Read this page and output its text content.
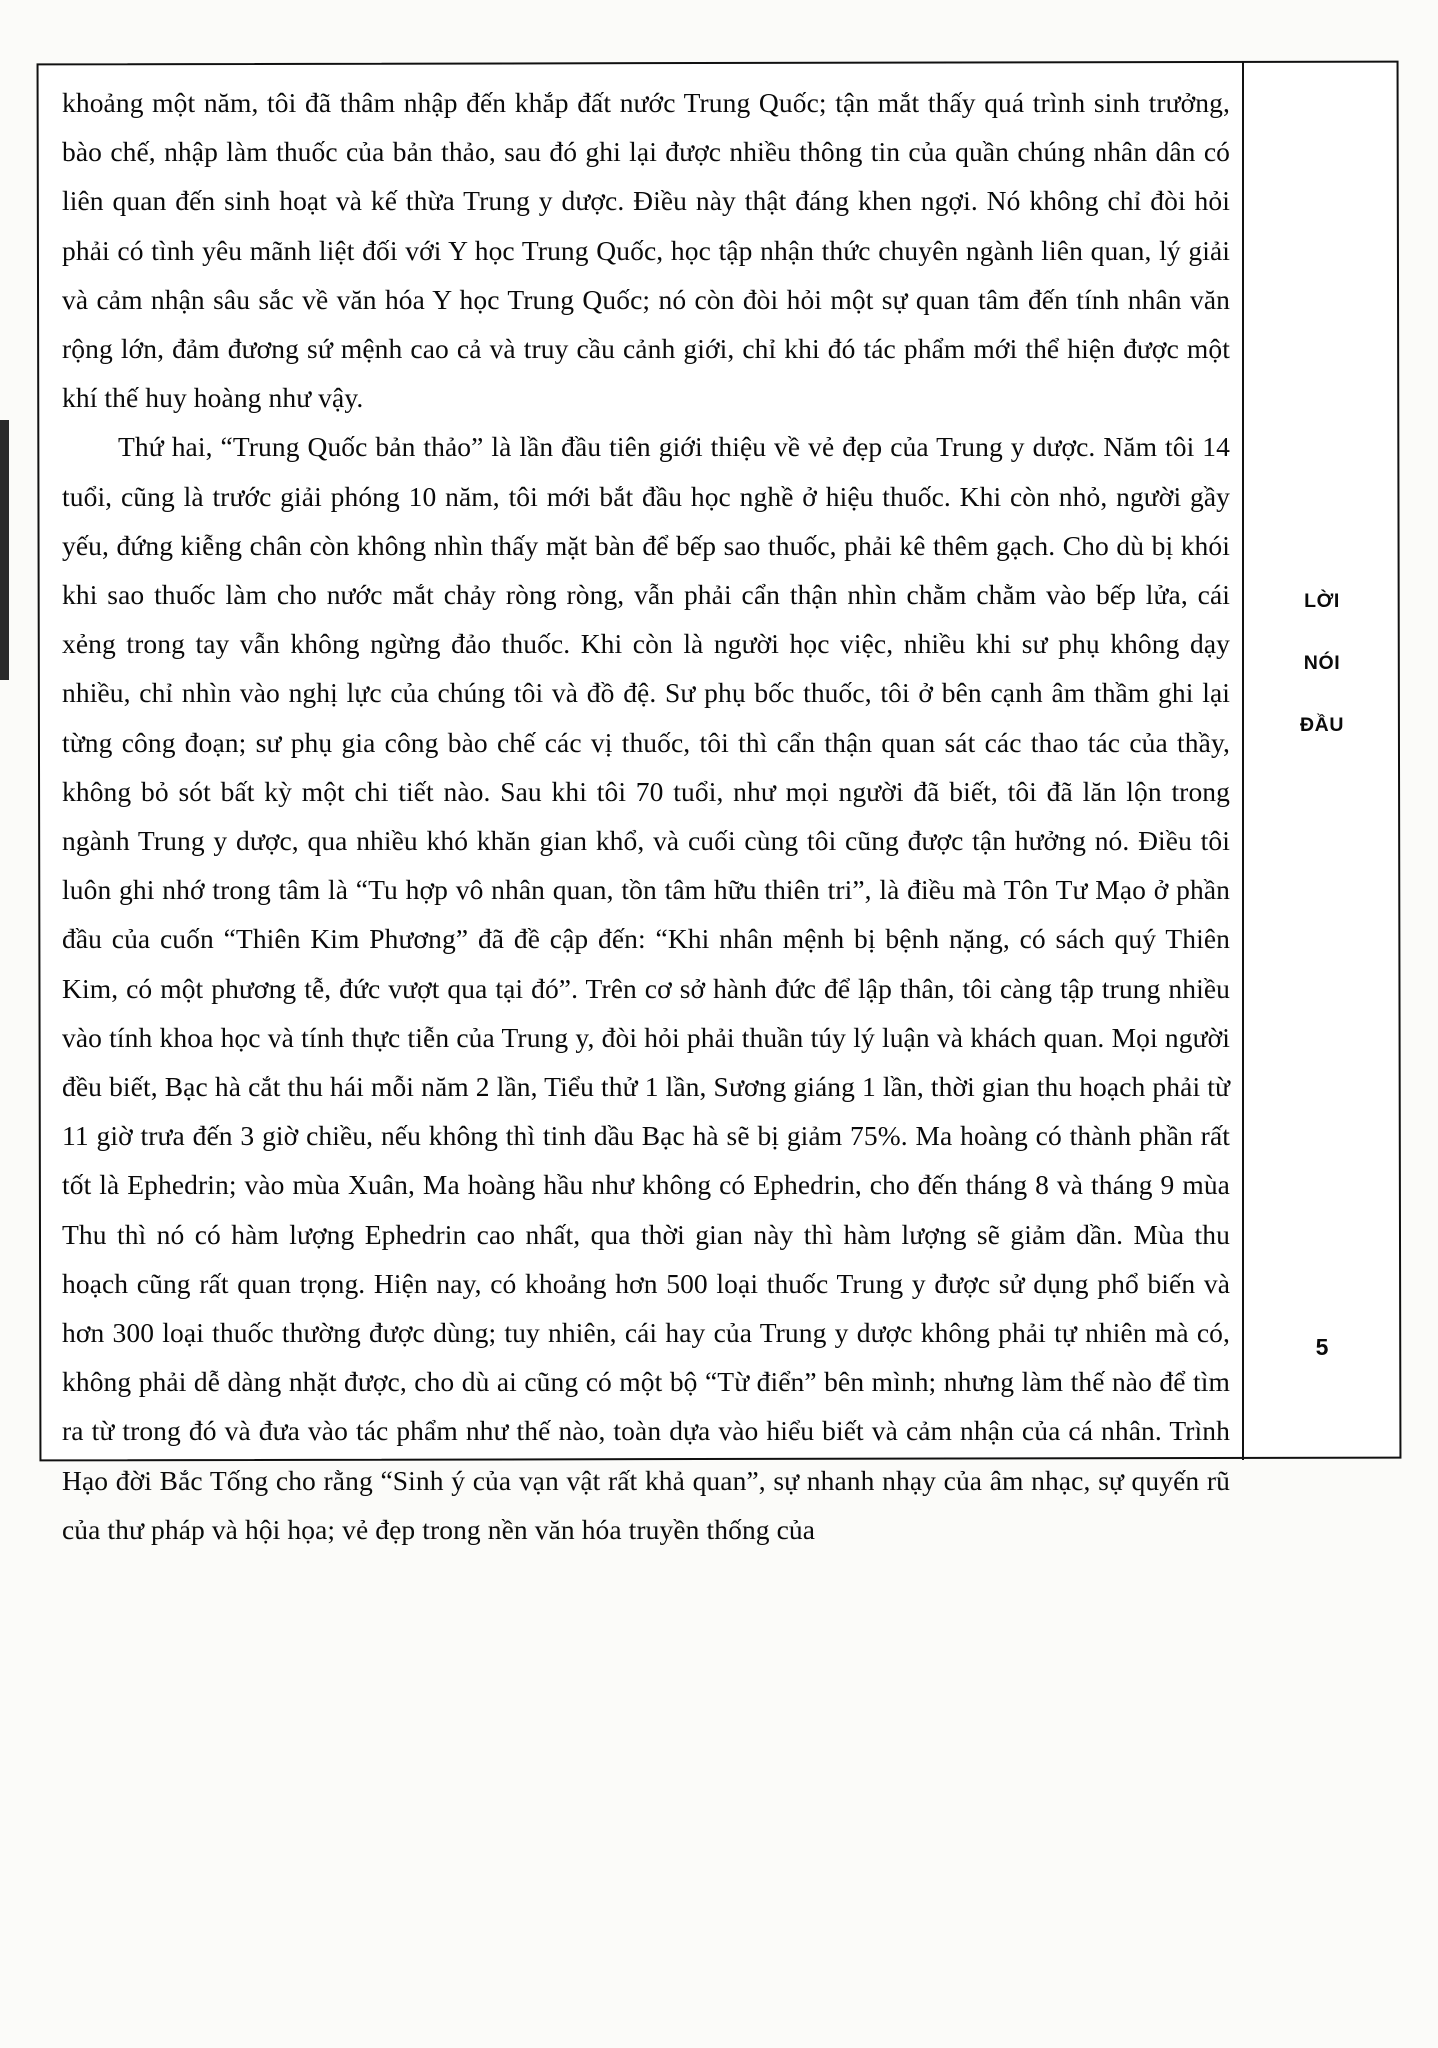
khoảng một năm, tôi đã thâm nhập đến khắp đất nước Trung Quốc; tận mắt thấy quá trình sinh trưởng, bào chế, nhập làm thuốc của bản thảo, sau đó ghi lại được nhiều thông tin của quần chúng nhân dân có liên quan đến sinh hoạt và kế thừa Trung y dược. Điều này thật đáng khen ngợi. Nó không chỉ đòi hỏi phải có tình yêu mãnh liệt đối với Y học Trung Quốc, học tập nhận thức chuyên ngành liên quan, lý giải và cảm nhận sâu sắc về văn hóa Y học Trung Quốc; nó còn đòi hỏi một sự quan tâm đến tính nhân văn rộng lớn, đảm đương sứ mệnh cao cả và truy cầu cảnh giới, chỉ khi đó tác phẩm mới thể hiện được một khí thế huy hoàng như vậy.

Thứ hai, “Trung Quốc bản thảo” là lần đầu tiên giới thiệu về vẻ đẹp của Trung y dược. Năm tôi 14 tuổi, cũng là trước giải phóng 10 năm, tôi mới bắt đầu học nghề ở hiệu thuốc. Khi còn nhỏ, người gầy yếu, đứng kiễng chân còn không nhìn thấy mặt bàn để bếp sao thuốc, phải kê thêm gạch. Cho dù bị khói khi sao thuốc làm cho nước mắt chảy ròng ròng, vẫn phải cẩn thận nhìn chằm chằm vào bếp lửa, cái xẻng trong tay vẫn không ngừng đảo thuốc. Khi còn là người học việc, nhiều khi sư phụ không dạy nhiều, chỉ nhìn vào nghị lực của chúng tôi và đồ đệ. Sư phụ bốc thuốc, tôi ở bên cạnh âm thầm ghi lại từng công đoạn; sư phụ gia công bào chế các vị thuốc, tôi thì cẩn thận quan sát các thao tác của thầy, không bỏ sót bất kỳ một chi tiết nào. Sau khi tôi 70 tuổi, như mọi người đã biết, tôi đã lăn lộn trong ngành Trung y dược, qua nhiều khó khăn gian khổ, và cuối cùng tôi cũng được tận hưởng nó. Điều tôi luôn ghi nhớ trong tâm là “Tu hợp vô nhân quan, tồn tâm hữu thiên tri”, là điều mà Tôn Tư Mạo ở phần đầu của cuốn “Thiên Kim Phương” đã đề cập đến: “Khi nhân mệnh bị bệnh nặng, có sách quý Thiên Kim, có một phương tễ, đức vượt qua tại đó”. Trên cơ sở hành đức để lập thân, tôi càng tập trung nhiều vào tính khoa học và tính thực tiễn của Trung y, đòi hỏi phải thuần túy lý luận và khách quan. Mọi người đều biết, Bạc hà cắt thu hái mỗi năm 2 lần, Tiểu thử 1 lần, Sương giáng 1 lần, thời gian thu hoạch phải từ 11 giờ trưa đến 3 giờ chiều, nếu không thì tinh dầu Bạc hà sẽ bị giảm 75%. Ma hoàng có thành phần rất tốt là Ephedrin; vào mùa Xuân, Ma hoàng hầu như không có Ephedrin, cho đến tháng 8 và tháng 9 mùa Thu thì nó có hàm lượng Ephedrin cao nhất, qua thời gian này thì hàm lượng sẽ giảm dần. Mùa thu hoạch cũng rất quan trọng. Hiện nay, có khoảng hơn 500 loại thuốc Trung y được sử dụng phổ biến và hơn 300 loại thuốc thường được dùng; tuy nhiên, cái hay của Trung y dược không phải tự nhiên mà có, không phải dễ dàng nhặt được, cho dù ai cũng có một bộ “Từ điển” bên mình; nhưng làm thế nào để tìm ra từ trong đó và đưa vào tác phẩm như thế nào, toàn dựa vào hiểu biết và cảm nhận của cá nhân. Trình Hạo đời Bắc Tống cho rằng “Sinh ý của vạn vật rất khả quan”, sự nhanh nhạy của âm nhạc, sự quyến rũ của thư pháp và hội họa; vẻ đẹp trong nền văn hóa truyền thống của

LỜI
NÓI
ĐẦU
5
